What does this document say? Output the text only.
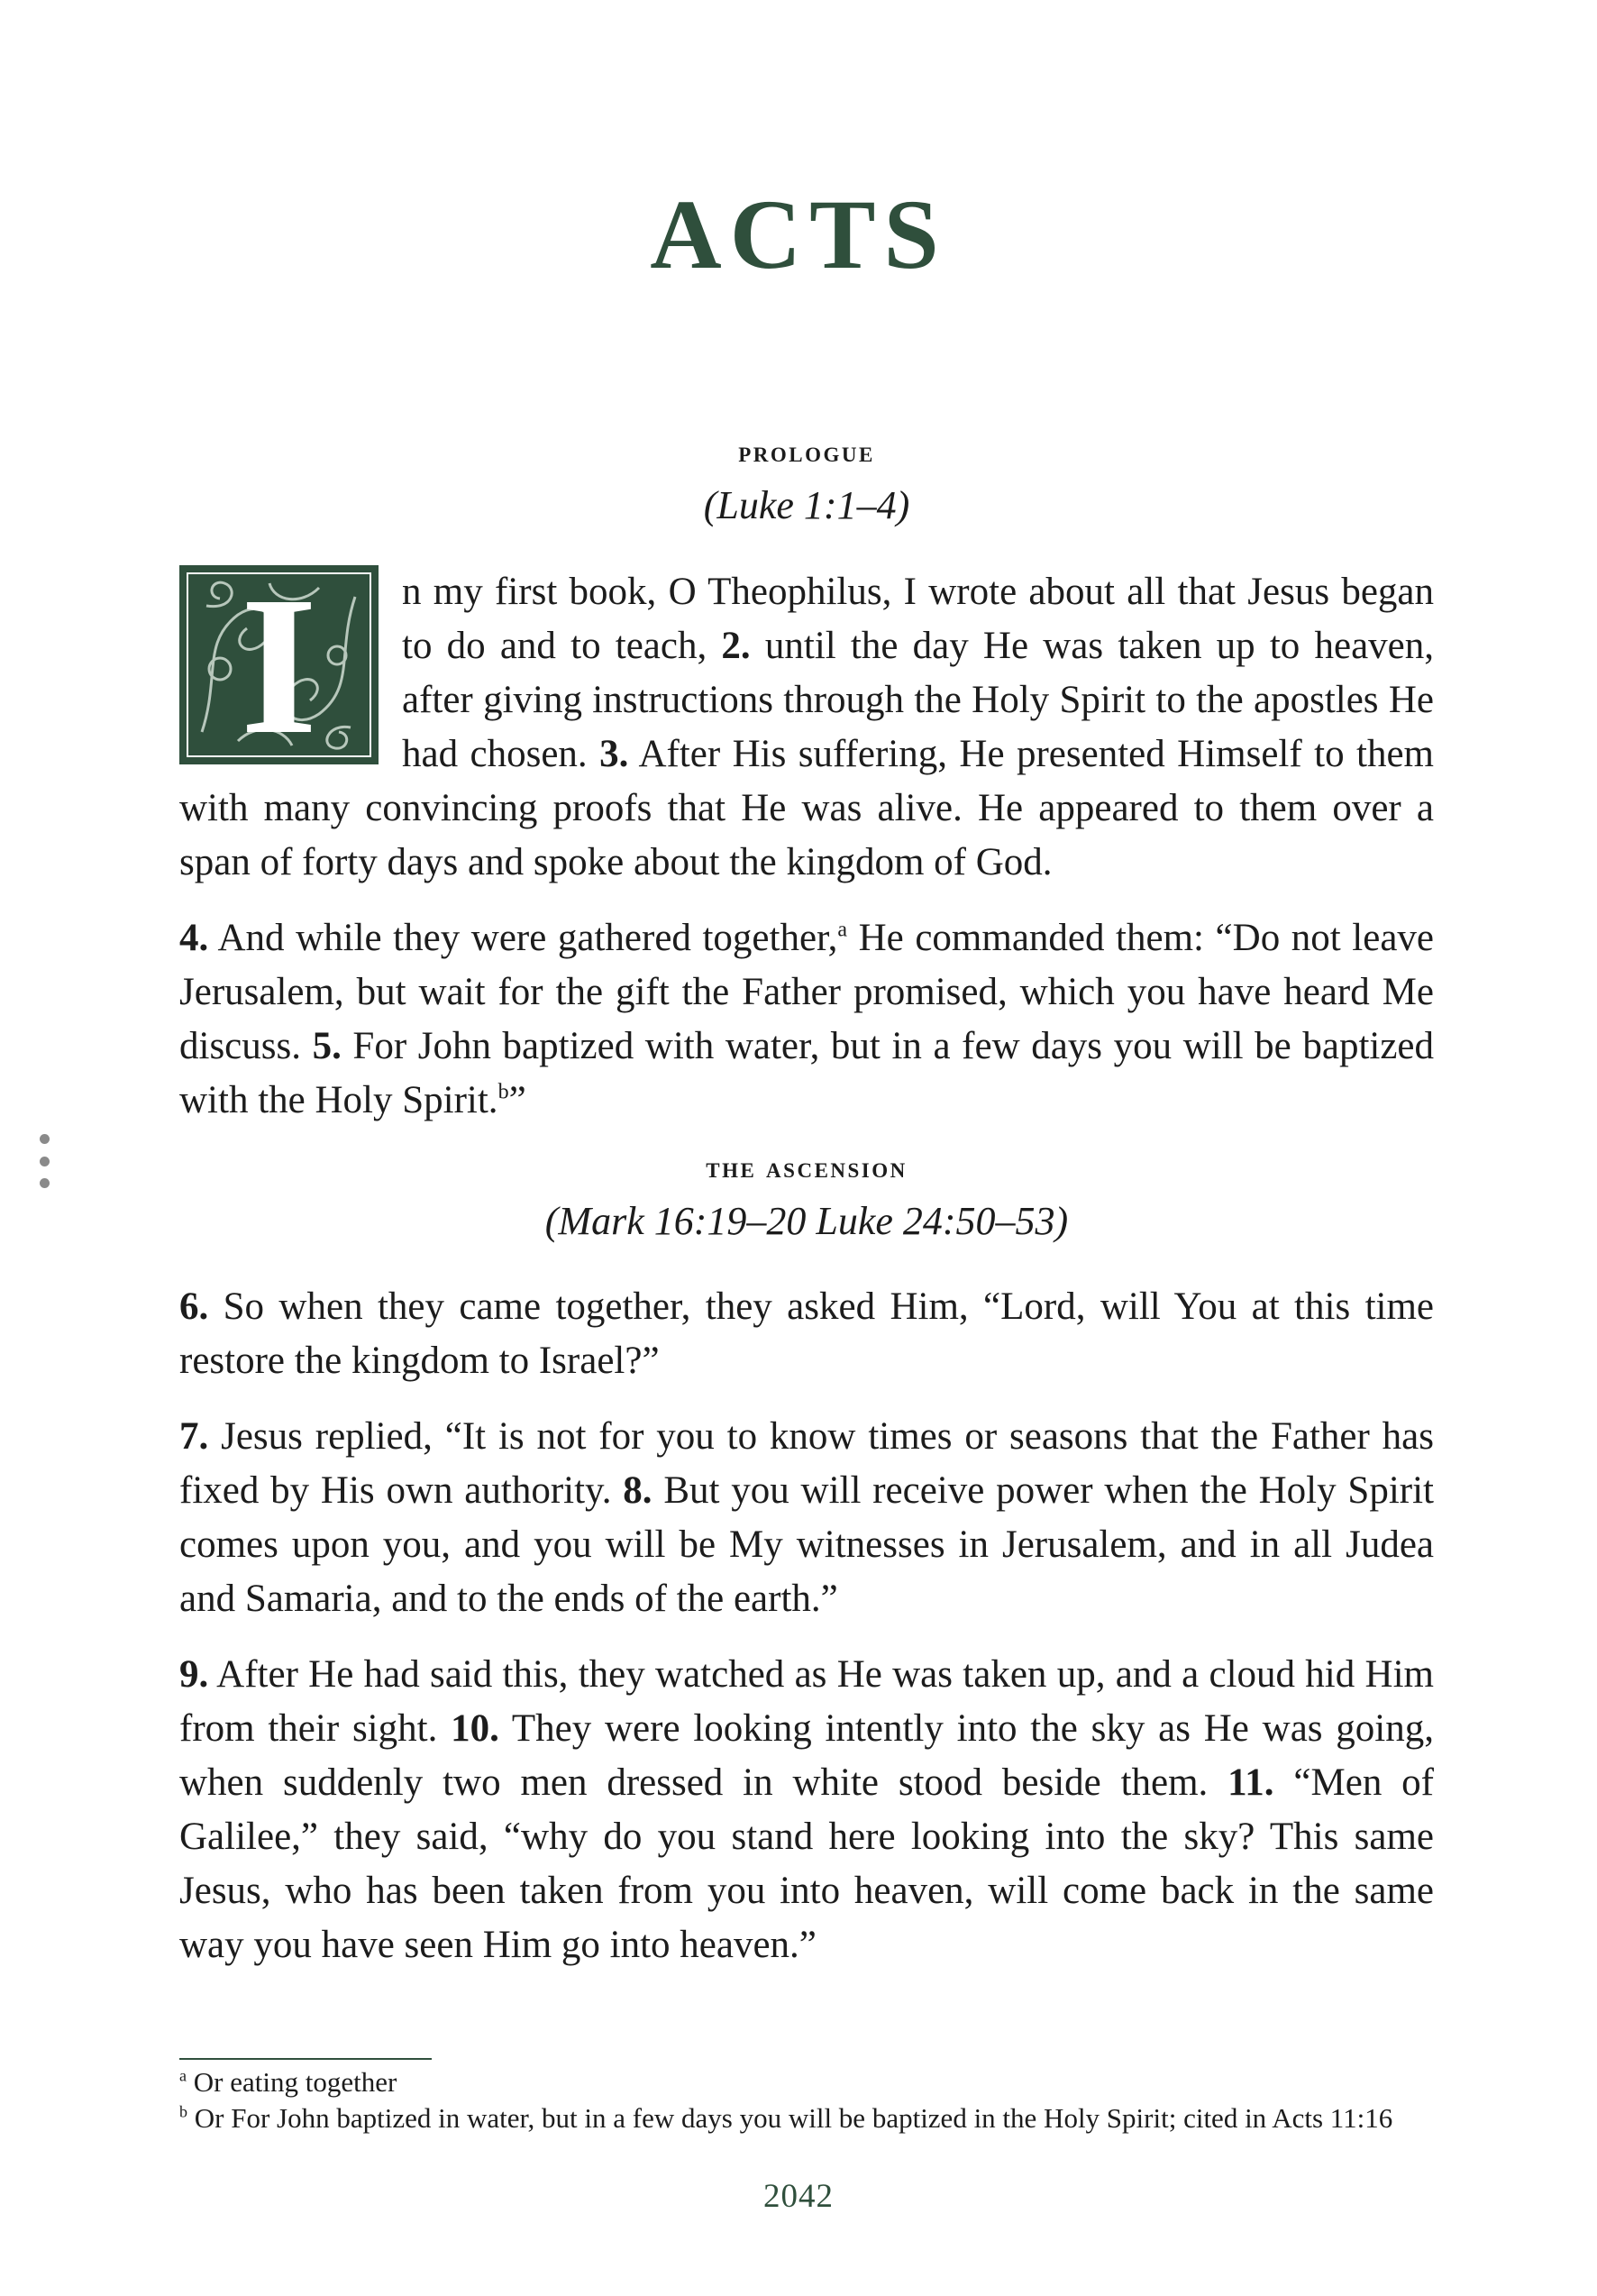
ACTS
prologue
(Luke 1:1–4)

I	n my first book, O Theophilus, I wrote about all that Jesus began to do and to teach, 2. until the day He was taken up to heaven, after giving instructions through the Holy Spirit to the apostles He had chosen. 3. After His suffering, He presented Himself to them with many convincing proofs that He was alive. He appeared to them over a span of forty days and spoke about the kingdom of God.

4. And while they were gathered together,$^a$ He commanded them: “Do not leave Jerusalem, but wait for the gift the Father promised, which you have heard Me discuss. 5. For John baptized with water, but in a few days you will be baptized with the Holy Spirit.$^b$”

the ascension
(Mark 16:19–20 Luke 24:50–53)

6. So when they came together, they asked Him, “Lord, will You at this time restore the kingdom to Israel?”

7. Jesus replied, “It is not for you to know times or seasons that the Father has fixed by His own authority. 8. But you will receive power when the Holy Spirit comes upon you, and you will be My witnesses in Jerusalem, and in all Judea and Samaria, and to the ends of the earth.”

9. After He had said this, they watched as He was taken up, and a cloud hid Him from their sight. 10. They were looking intently into the sky as He was going, when suddenly two men dressed in white stood beside them. 11. “Men of Galilee,” they said, “why do you stand here looking into the sky? This same Jesus, who has been taken from you into heaven, will come back in the same way you have seen Him go into heaven.”

$^a$ Or eating together
$^b$ Or For John baptized in water, but in a few days you will be baptized in the Holy Spirit; cited in Acts 11:16
2042
